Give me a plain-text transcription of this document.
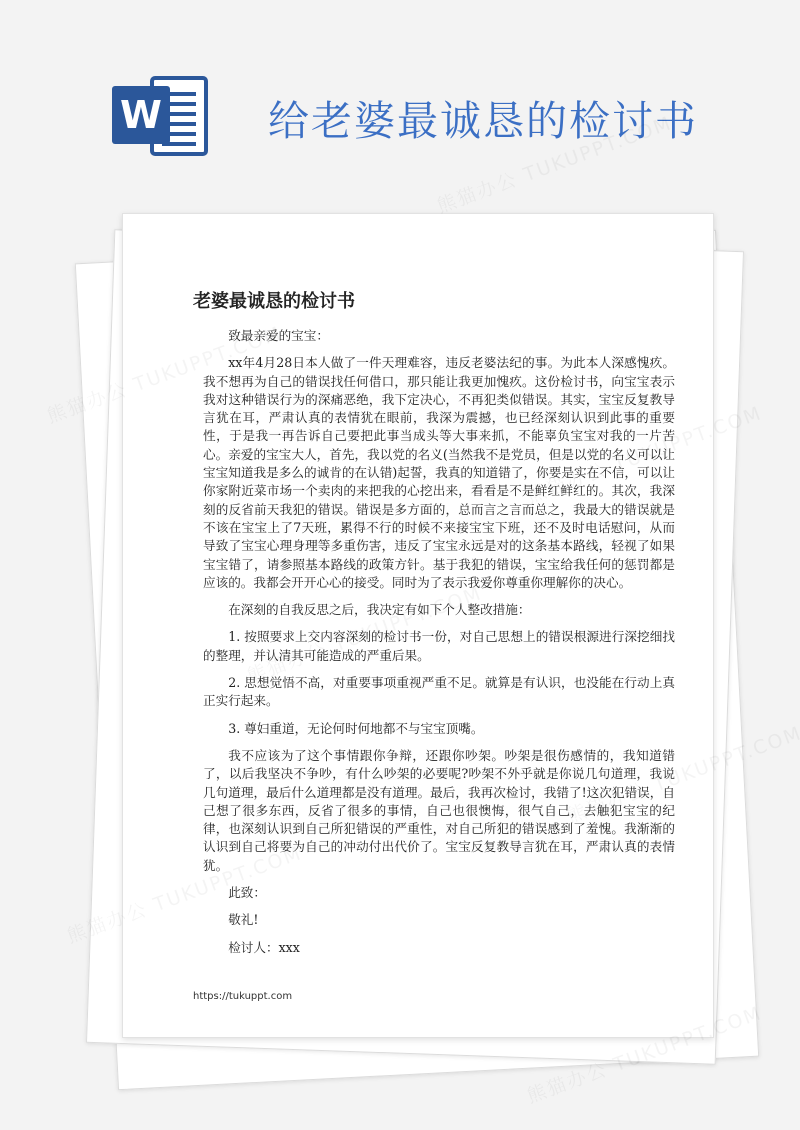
W	给老婆最诚恳的检讨书
老婆最诚恳的检讨书

致最亲爱的宝宝：

xx年4月28日本人做了一件天理难容，违反老婆法纪的事。为此本人深感愧疚。我不想再为自己的错误找任何借口，那只能让我更加愧疚。这份检讨书，向宝宝表示我对这种错误行为的深痛恶绝，我下定决心，不再犯类似错误。其实，宝宝反复教导言犹在耳，严肃认真的表情犹在眼前，我深为震撼，也已经深刻认识到此事的重要性，于是我一再告诉自己要把此事当成头等大事来抓，不能辜负宝宝对我的一片苦心。亲爱的宝宝大人，首先，我以党的名义(当然我不是党员，但是以党的名义可以让宝宝知道我是多么的诚肯的在认错)起誓，我真的知道错了，你要是实在不信，可以让你家附近菜市场一个卖肉的来把我的心挖出来，看看是不是鲜红鲜红的。其次，我深刻的反省前天我犯的错误。错误是多方面的，总而言之言而总之，我最大的错误就是不该在宝宝上了7天班，累得不行的时候不来接宝宝下班，还不及时电话慰问，从而导致了宝宝心理身理等多重伤害，违反了宝宝永远是对的这条基本路线，轻视了如果宝宝错了，请参照基本路线的政策方针。基于我犯的错误，宝宝给我任何的惩罚都是应该的。我都会开开心心的接受。同时为了表示我爱你尊重你理解你的决心。

在深刻的自我反思之后，我决定有如下个人整改措施：

1. 按照要求上交内容深刻的检讨书一份，对自己思想上的错误根源进行深挖细找的整理，并认清其可能造成的严重后果。

2. 思想觉悟不高，对重要事项重视严重不足。就算是有认识，也没能在行动上真正实行起来。

3. 尊妇重道，无论何时何地都不与宝宝顶嘴。

我不应该为了这个事情跟你争辩，还跟你吵架。吵架是很伤感情的，我知道错了，以后我坚决不争吵，有什么吵架的必要呢?吵架不外乎就是你说几句道理，我说几句道理，最后什么道理都是没有道理。最后，我再次检讨，我错了!这次犯错误，自己想了很多东西，反省了很多的事情，自己也很懊悔，很气自己，去触犯宝宝的纪律，也深刻认识到自己所犯错误的严重性，对自己所犯的错误感到了羞愧。我渐渐的认识到自己将要为自己的冲动付出代价了。宝宝反复教导言犹在耳，严肃认真的表情犹。

此致：

敬礼!

检讨人：xxx

https://tukuppt.com
